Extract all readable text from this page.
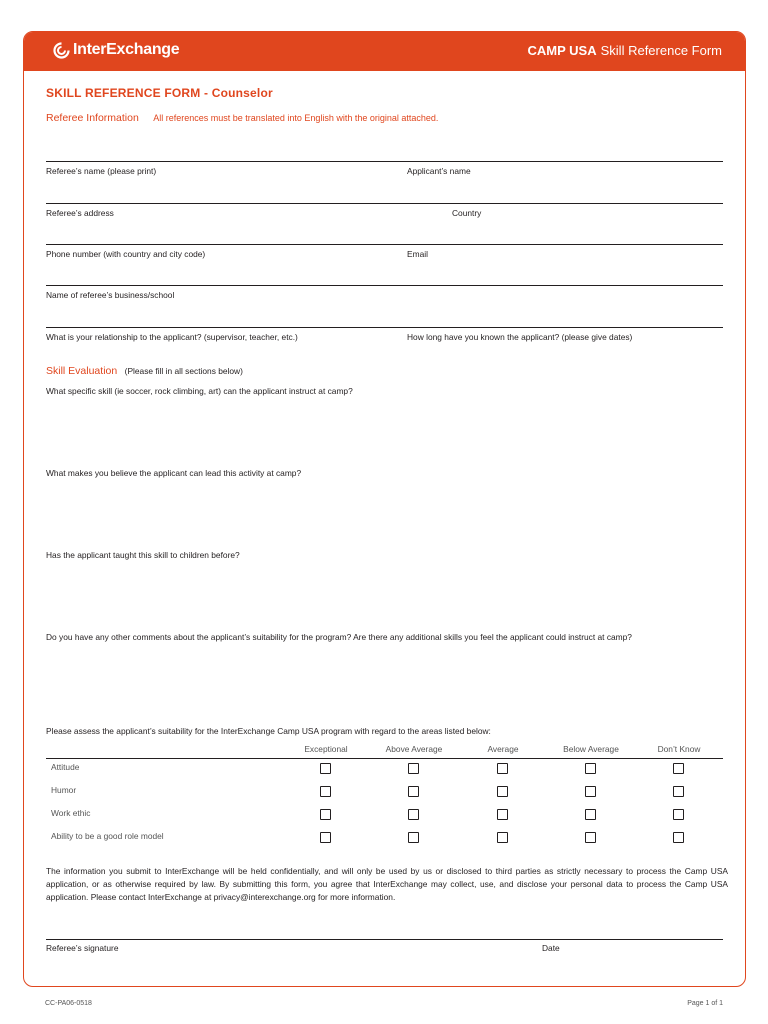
InterExchange	CAMP USA Skill Reference Form
SKILL REFERENCE FORM - Counselor
Referee Information All references must be translated into English with the original attached.
Referee’s name (please print)	Applicant’s name
Referee’s address	Country
Phone number (with country and city code)	Email
Name of referee’s business/school
What is your relationship to the applicant? (supervisor, teacher, etc.)	How long have you known the applicant? (please give dates)
Skill Evaluation (Please fill in all sections below)
What specific skill (ie soccer, rock climbing, art) can the applicant instruct at camp?
What makes you believe the applicant can lead this activity at camp?
Has the applicant taught this skill to children before?
Do you have any other comments about the applicant’s suitability for the program? Are there any additional skills you feel the applicant could instruct at camp?
Please assess the applicant’s suitability for the InterExchange Camp USA program with regard to the areas listed below:
Exceptional	Above Average	Average	Below Average	Don’t Know
Attitude
Humor
Work ethic
Ability to be a good role model
The information you submit to InterExchange will be held confidentially, and will only be used by us or disclosed to third parties as strictly necessary to process the Camp USA application, or as otherwise required by law. By submitting this form, you agree that InterExchange may collect, use, and disclose your personal data to process the Camp USA application. Please contact InterExchange at privacy@interexchange.org for more information.
Referee’s signature	Date
CC-PA06-0518	Page 1 of 1
